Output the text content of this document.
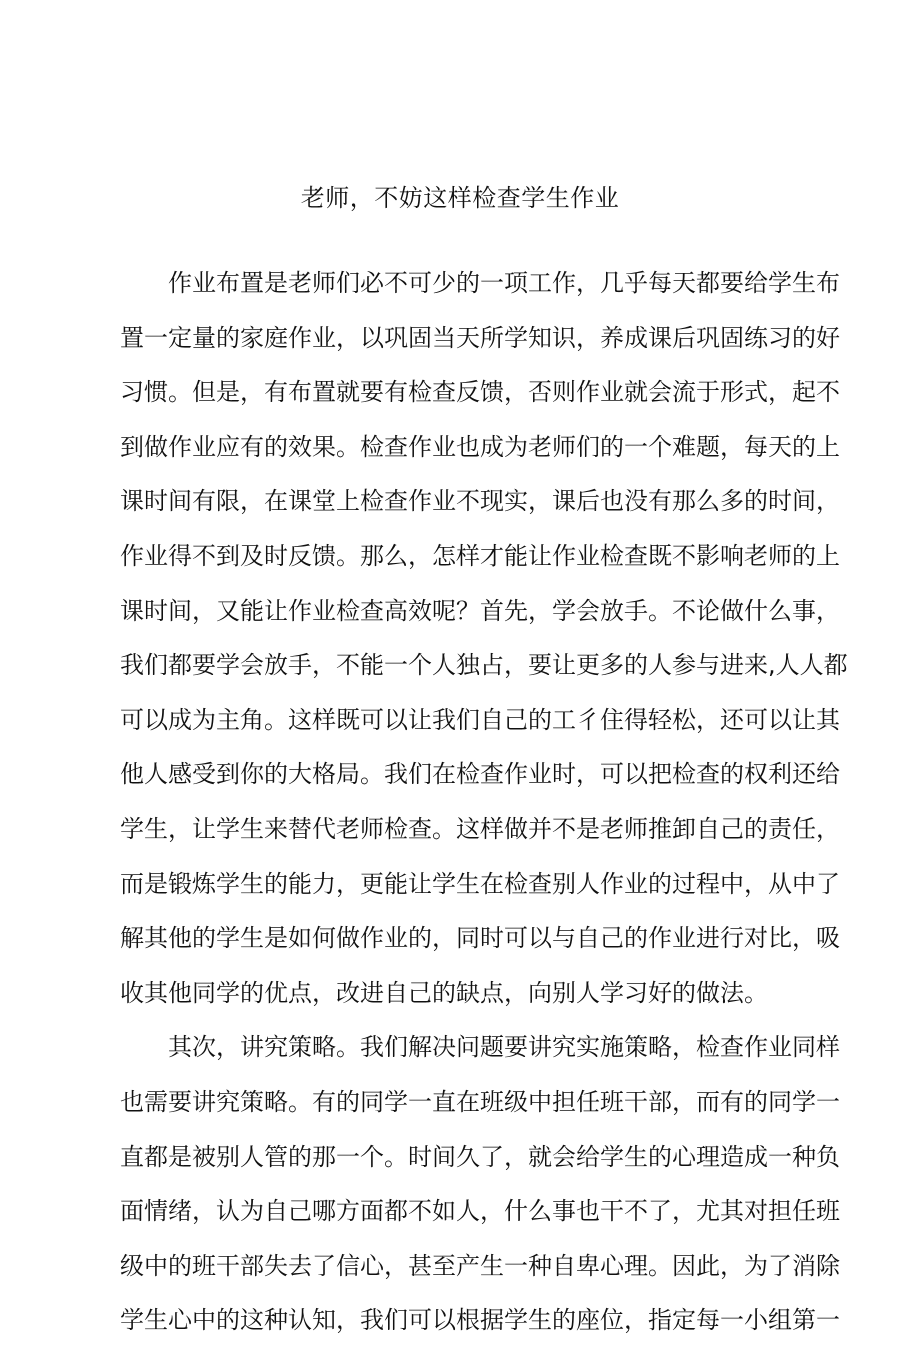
老师，不妨这样检查学生作业
作业布置是老师们必不可少的一项工作，几乎每天都要给学生布
置一定量的家庭作业，以巩固当天所学知识，养成课后巩固练习的好
习惯。但是，有布置就要有检查反馈，否则作业就会流于形式，起不
到做作业应有的效果。检查作业也成为老师们的一个难题，每天的上
课时间有限，在课堂上检查作业不现实，课后也没有那么多的时间，
作业得不到及时反馈。那么，怎样才能让作业检查既不影响老师的上
课时间，又能让作业检查高效呢？首先，学会放手。不论做什么事，
我们都要学会放手，不能一个人独占，要让更多的人参与进来,人人都
可以成为主角。这样既可以让我们自己的工彳住得轻松，还可以让其
他人感受到你的大格局。我们在检查作业时，可以把检查的权利还给
学生，让学生来替代老师检查。这样做并不是老师推卸自己的责任，
而是锻炼学生的能力，更能让学生在检查别人作业的过程中，从中了
解其他的学生是如何做作业的，同时可以与自己的作业进行对比，吸
收其他同学的优点，改进自己的缺点，向别人学习好的做法。
其次，讲究策略。我们解决问题要讲究实施策略，检查作业同样
也需要讲究策略。有的同学一直在班级中担任班干部，而有的同学一
直都是被别人管的那一个。时间久了，就会给学生的心理造成一种负
面情绪，认为自己哪方面都不如人，什么事也干不了，尤其对担任班
级中的班干部失去了信心，甚至产生一种自卑心理。因此，为了消除
学生心中的这种认知，我们可以根据学生的座位，指定每一小组第一
